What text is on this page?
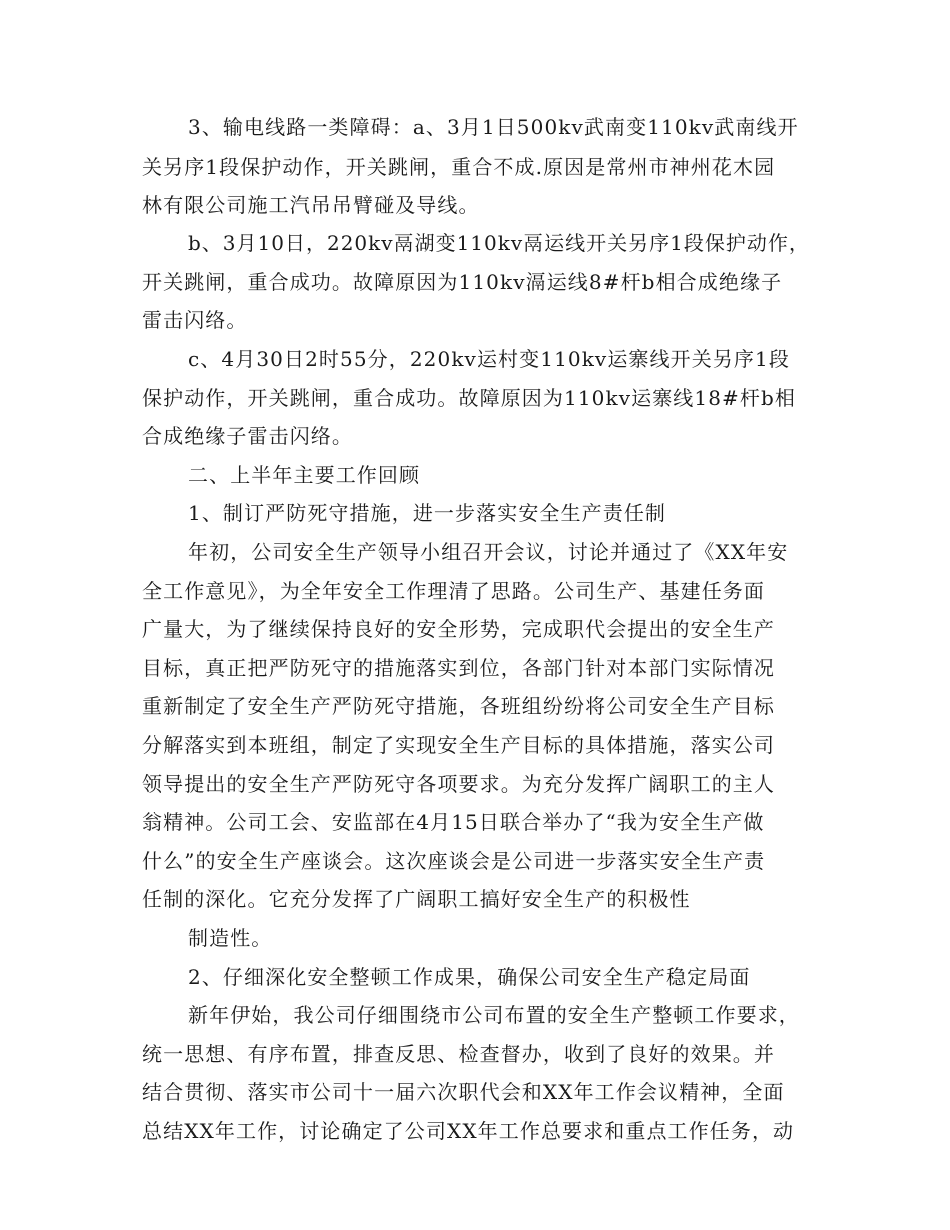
3、输电线路一类障碍：a、3月1日500kv武南变110kv武南线开
关另序1段保护动作，开关跳闸，重合不成.原因是常州市神州花木园
林有限公司施工汽吊吊臂碰及导线。
b、3月10日，220kv鬲湖变110kv鬲运线开关另序1段保护动作，
开关跳闸，重合成功。故障原因为110kv滆运线8#杆b相合成绝缘子
雷击闪络。
c、4月30日2时55分，220kv运村变110kv运寨线开关另序1段
保护动作，开关跳闸，重合成功。故障原因为110kv运寨线18#杆b相
合成绝缘子雷击闪络。
二、上半年主要工作回顾
1、制订严防死守措施，进一步落实安全生产责任制
年初，公司安全生产领导小组召开会议，讨论并通过了《XX年安
全工作意见》，为全年安全工作理清了思路。公司生产、基建任务面
广量大，为了继续保持良好的安全形势，完成职代会提出的安全生产
目标，真正把严防死守的措施落实到位，各部门针对本部门实际情况
重新制定了安全生产严防死守措施，各班组纷纷将公司安全生产目标
分解落实到本班组，制定了实现安全生产目标的具体措施，落实公司
领导提出的安全生产严防死守各项要求。为充分发挥广阔职工的主人
翁精神。公司工会、安监部在4月15日联合举办了“我为安全生产做
什么”的安全生产座谈会。这次座谈会是公司进一步落实安全生产责
任制的深化。它充分发挥了广阔职工搞好安全生产的积极性
制造性。
2、仔细深化安全整顿工作成果，确保公司安全生产稳定局面
新年伊始，我公司仔细围绕市公司布置的安全生产整顿工作要求，
统一思想、有序布置，排查反思、检查督办，收到了良好的效果。并
结合贯彻、落实市公司十一届六次职代会和XX年工作会议精神，全面
总结XX年工作，讨论确定了公司XX年工作总要求和重点工作任务，动
